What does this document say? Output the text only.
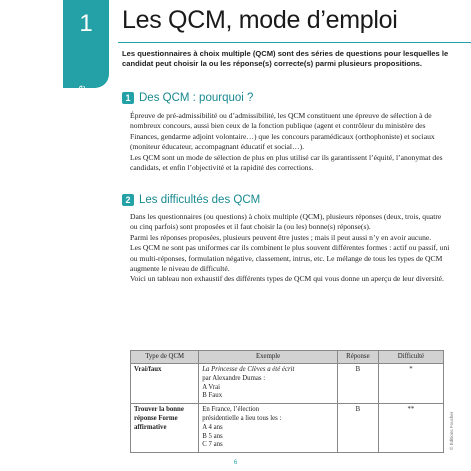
1
Fiche
Les QCM, mode d’emploi
Les questionnaires à choix multiple (QCM) sont des séries de questions pour lesquelles le candidat peut choisir la ou les réponse(s) correcte(s) parmi plusieurs propositions.
1 Des QCM : pourquoi ?

Épreuve de pré-admissibilité ou d’admissibilité, les QCM constituent une épreuve de sélection à de nombreux concours, aussi bien ceux de la fonction publique (agent et contrôleur du ministère des Finances, gendarme adjoint volontaire…) que les concours paramédicaux (orthophoniste) et sociaux (moniteur éducateur, accompagnant éducatif et social…).

Les QCM sont un mode de sélection de plus en plus utilisé car ils garantissent l’équité, l’anonymat des candidats, et enfin l’objectivité et la rapidité des corrections.

2 Les difficultés des QCM

Dans les questionnaires (ou questions) à choix multiple (QCM), plusieurs réponses (deux, trois, quatre ou cinq parfois) sont proposées et il faut choisir la (ou les) bonne(s) réponse(s).

Parmi les réponses proposées, plusieurs peuvent être justes ; mais il peut aussi n’y en avoir aucune.

Les QCM ne sont pas uniformes car ils combinent le plus souvent différentes formes : actif ou passif, uni ou multi-réponses, formulation négative, classement, intrus, etc. Le mélange de tous les types de QCM augmente le niveau de difficulté.

Voici un tableau non exhaustif des différents types de QCM qui vous donne un aperçu de leur diversité.

Type de QCM	Exemple	Réponse	Difficulté
Vrai/faux	La Princesse de Clèves a été écrit
par Alexandre Dumas :
A Vrai
B Faux	B	*
Trouver la bonne réponse Forme affirmative	En France, l’élection
présidentielle a lieu tous les :
A 4 ans
B 5 ans
C 7 ans	B	**
© Éditions Foucher
6
